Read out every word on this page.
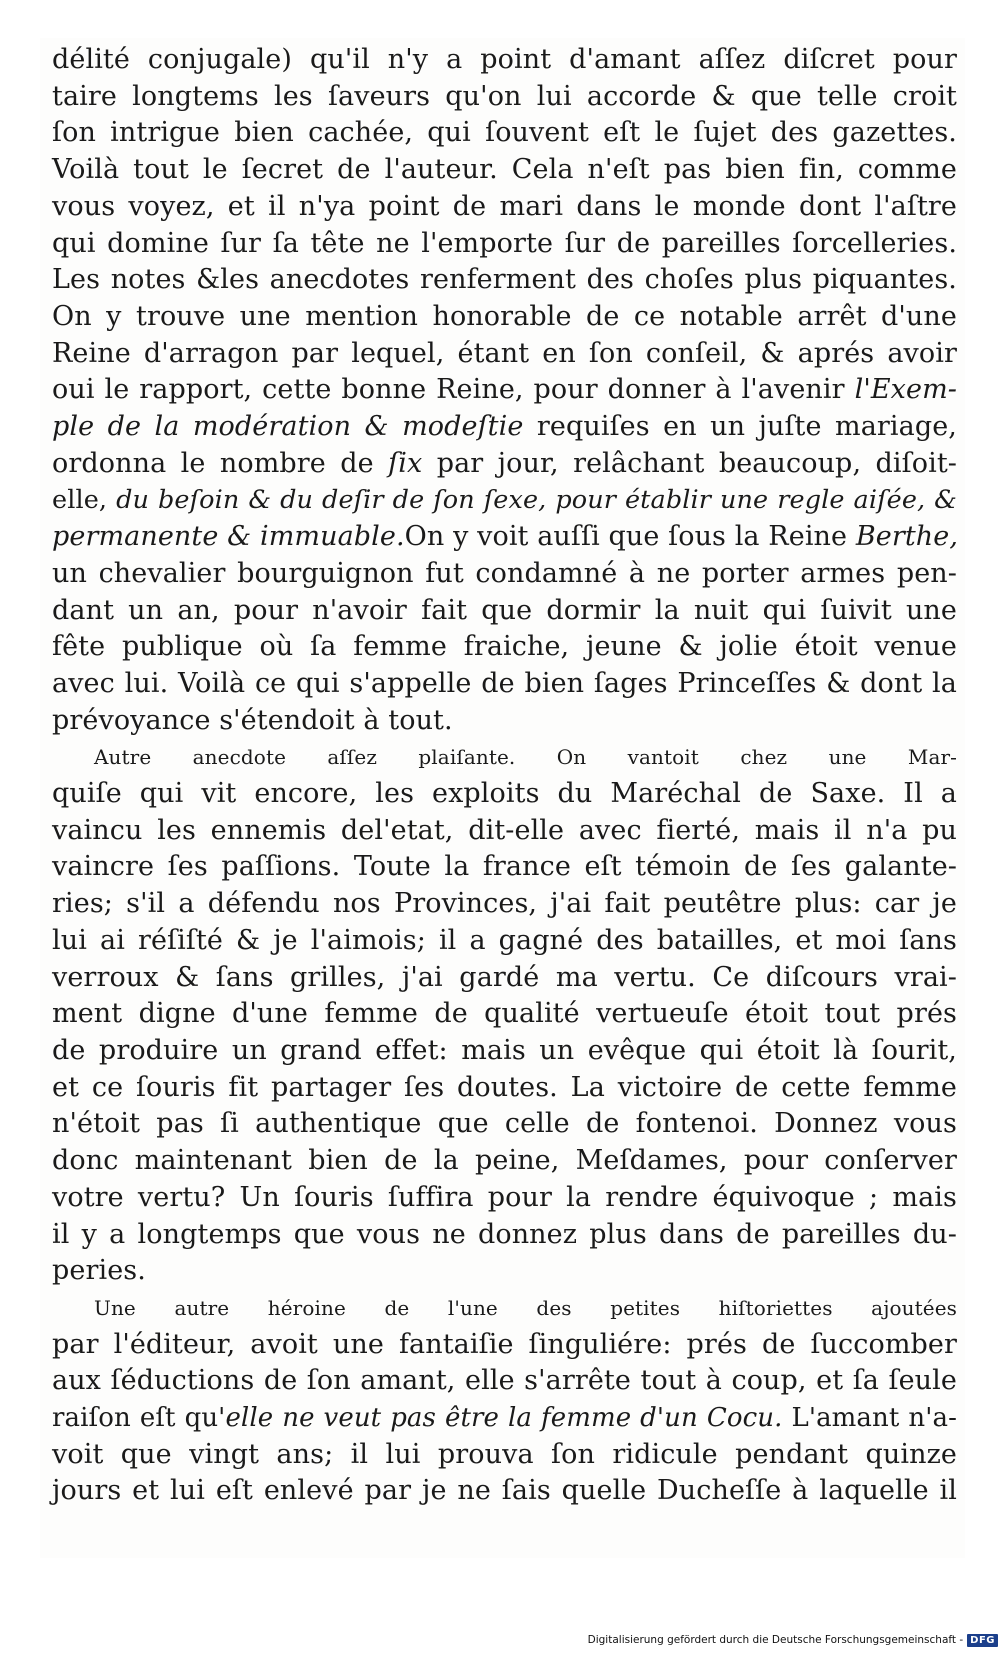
délité conjugale) qu'il n'y a point d'amant aſſez diſcret pour
taire longtems les ſaveurs qu'on lui accorde & que telle croit
ſon intrigue bien cachée, qui ſouvent eſt le ſujet des gazettes.
Voilà tout le ſecret de l'auteur. Cela n'eſt pas bien fin, comme
vous voyez, et il n'ya point de mari dans le monde dont l'aſtre
qui domine ſur ſa tête ne l'emporte ſur de pareilles ſorcelleries.
Les notes &les anecdotes renferment des choſes plus piquantes.
On y trouve une mention honorable de ce notable arrêt d'une
Reine d'arragon par lequel, étant en ſon conſeil, & aprés avoir
oui le rapport, cette bonne Reine, pour donner à l'avenir l'Exem-
ple de la modération & modeſtie requiſes en un juſte mariage,
ordonna le nombre de ſix par jour, relâchant beaucoup, diſoit-
elle, du beſoin & du deſir de ſon ſexe, pour établir une regle aiſée, &
permanente & immuable.On y voit auſſi que ſous la Reine Berthe,
un chevalier bourguignon fut condamné à ne porter armes pen-
dant un an, pour n'avoir fait que dormir la nuit qui ſuivit une
fête publique où ſa femme fraiche, jeune & jolie étoit venue
avec lui. Voilà ce qui s'appelle de bien ſages Princeſſes & dont la
prévoyance s'étendoit à tout.

Autre anecdote aſſez plaiſante. On vantoit chez une Mar-

quiſe qui vit encore, les exploits du Maréchal de Saxe. Il a
vaincu les ennemis del'etat, dit-elle avec fierté, mais il n'a pu
vaincre ſes paſſions. Toute la france eſt témoin de ſes galante-
ries; s'il a défendu nos Provinces, j'ai fait peutêtre plus: car je
lui ai réſiſté & je l'aimois; il a gagné des batailles, et moi ſans
verroux & ſans grilles, j'ai gardé ma vertu. Ce diſcours vrai-
ment digne d'une femme de qualité vertueuſe étoit tout prés
de produire un grand effet: mais un evêque qui étoit là ſourit,
et ce ſouris fit partager ſes doutes. La victoire de cette femme
n'étoit pas ſi authentique que celle de fontenoi. Donnez vous
donc maintenant bien de la peine, Meſdames, pour conſerver
votre vertu? Un ſouris ſuffira pour la rendre équivoque ; mais
il y a longtemps que vous ne donnez plus dans de pareilles du-
peries.

Une autre héroine de l'une des petites hiſtoriettes ajoutées

par l'éditeur, avoit une fantaiſie ſinguliére: prés de ſuccomber
aux ſéductions de ſon amant, elle s'arrête tout à coup, et ſa ſeule
raiſon eſt qu'elle ne veut pas être la femme d'un Cocu. L'amant n'a-
voit que vingt ans; il lui prouva ſon ridicule pendant quinze
jours et lui eſt enlevé par je ne ſais quelle Ducheſſe à laquelle il

Digitalisierung gefördert durch die Deutsche Forschungsgemeinschaft - DFG
